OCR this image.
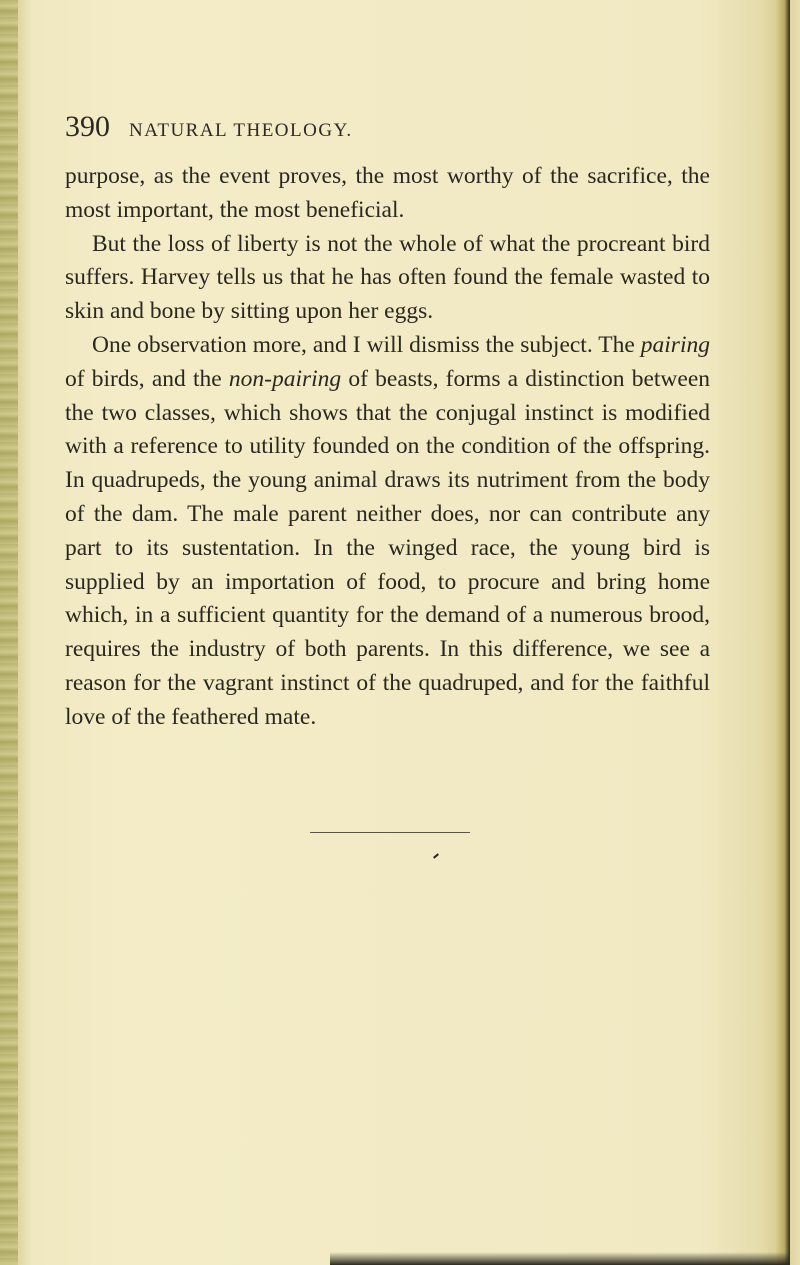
390 NATURAL THEOLOGY.

purpose, as the event proves, the most worthy of the sacrifice, the most important, the most beneficial.

But the loss of liberty is not the whole of what the procreant bird suffers. Harvey tells us that he has often found the female wasted to skin and bone by sitting upon her eggs.

One observation more, and I will dismiss the subject. The pairing of birds, and the non-pairing of beasts, forms a distinction between the two classes, which shows that the conjugal instinct is modified with a reference to utility founded on the condition of the offspring. In quadrupeds, the young animal draws its nutriment from the body of the dam. The male parent neither does, nor can contribute any part to its sustentation. In the winged race, the young bird is supplied by an importation of food, to procure and bring home which, in a sufficient quantity for the demand of a numerous brood, requires the industry of both parents. In this difference, we see a reason for the vagrant instinct of the quadruped, and for the faithful love of the feathered mate.
